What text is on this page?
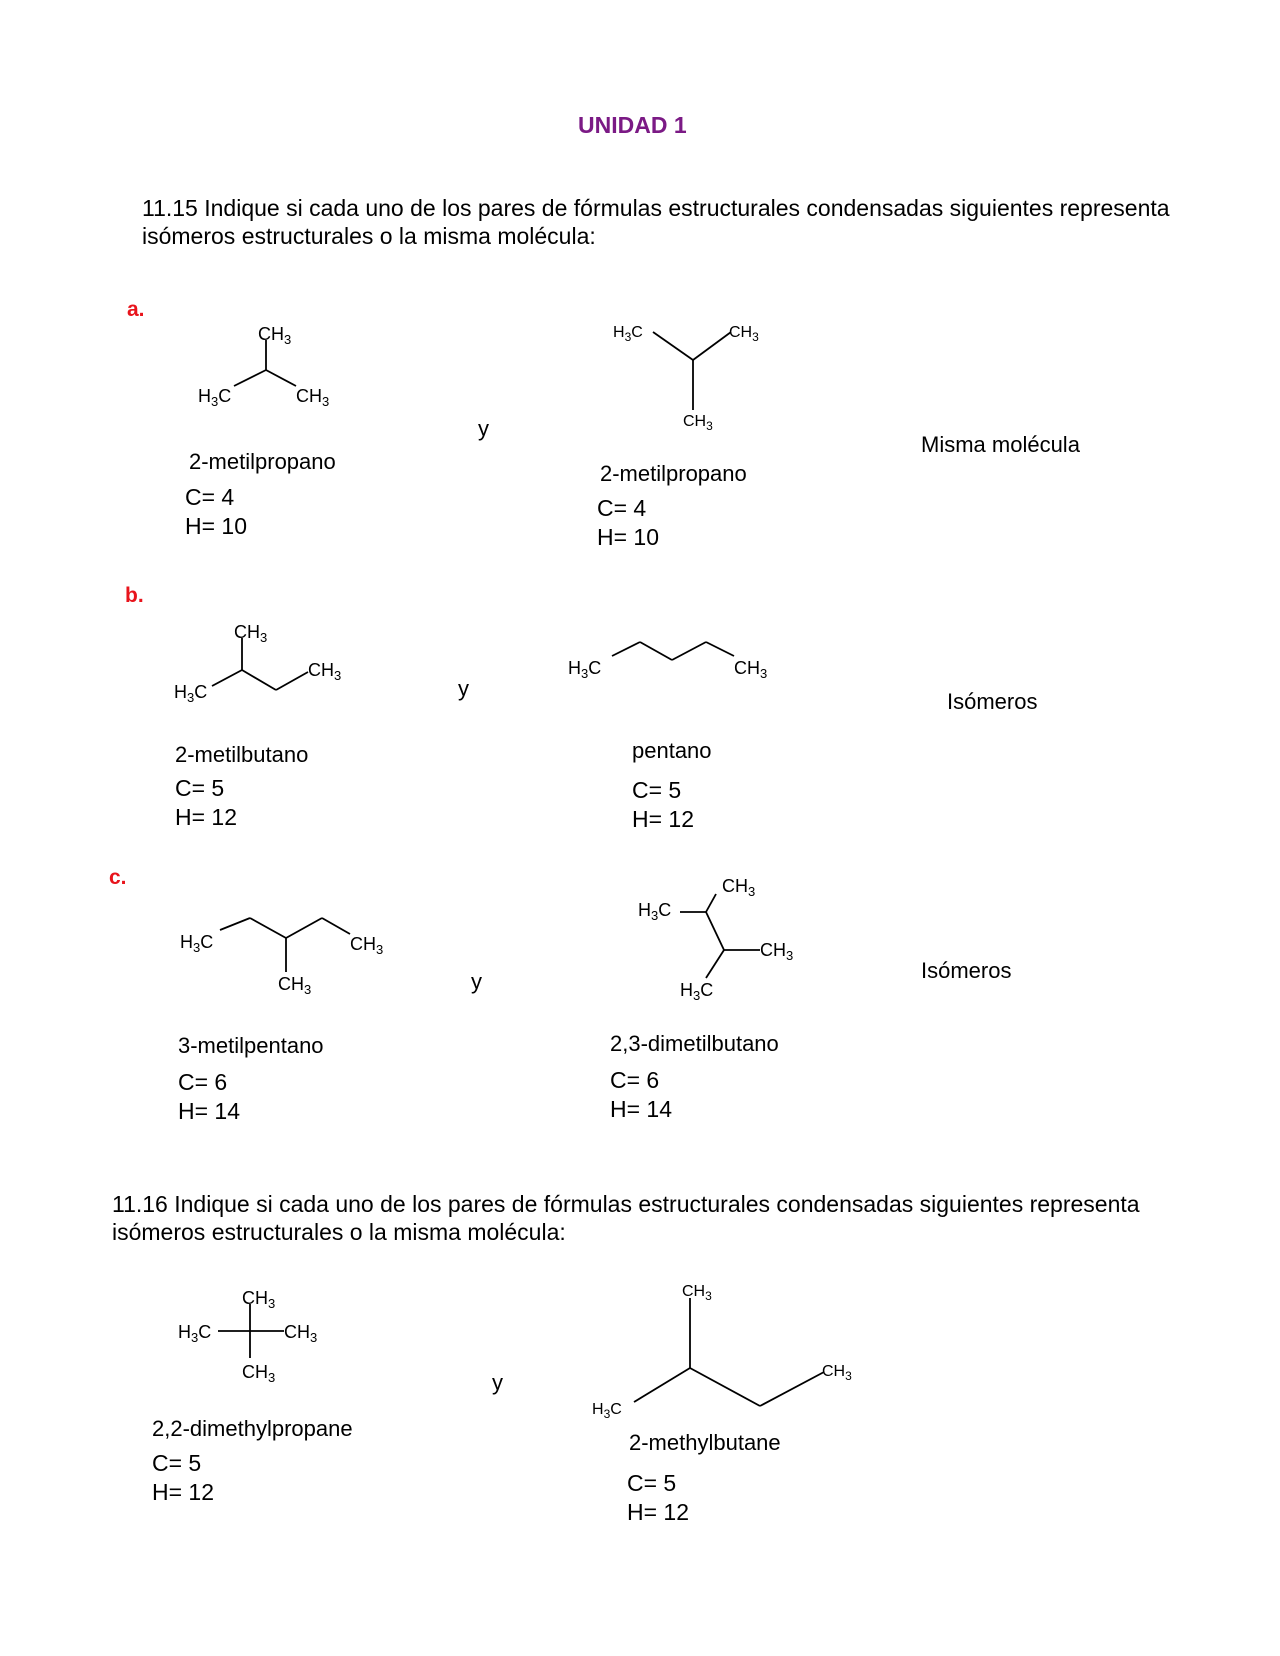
UNIDAD 1
11.15 Indique si cada uno de los pares de fórmulas estructurales condensadas siguientes representa isómeros estructurales o la misma molécula:
a.
$CH_3$
$H_3C$	$CH_3$
y
$H_3C$	$CH_3$
$CH_3$
2-metilpropano
C= 4
H= 10
2-metilpropano
C= 4
H= 10
Misma molécula
b.
$CH_3$
$H_3C$
$CH_3$
y
$H_3C$	$CH_3$
2-metilbutano
C= 5
H= 12
pentano
C= 5
H= 12
Isómeros
c.
$H_3C$	$CH_3$
$CH_3$	y
$CH_3$
$H_3C$
$CH_3$
$H_3C$
3-metilpentano
C= 6
H= 14
2,3-dimetilbutano
C= 6
H= 14
Isómeros
11.16 Indique si cada uno de los pares de fórmulas estructurales condensadas siguientes representa isómeros estructurales o la misma molécula:
$CH_3$
$H_3C$	$CH_3$
$CH_3$	y
$CH_3$
$H_3C$
$CH_3$
2,2-dimethylpropane
C= 5
H= 12
2-methylbutane
C= 5
H= 12
